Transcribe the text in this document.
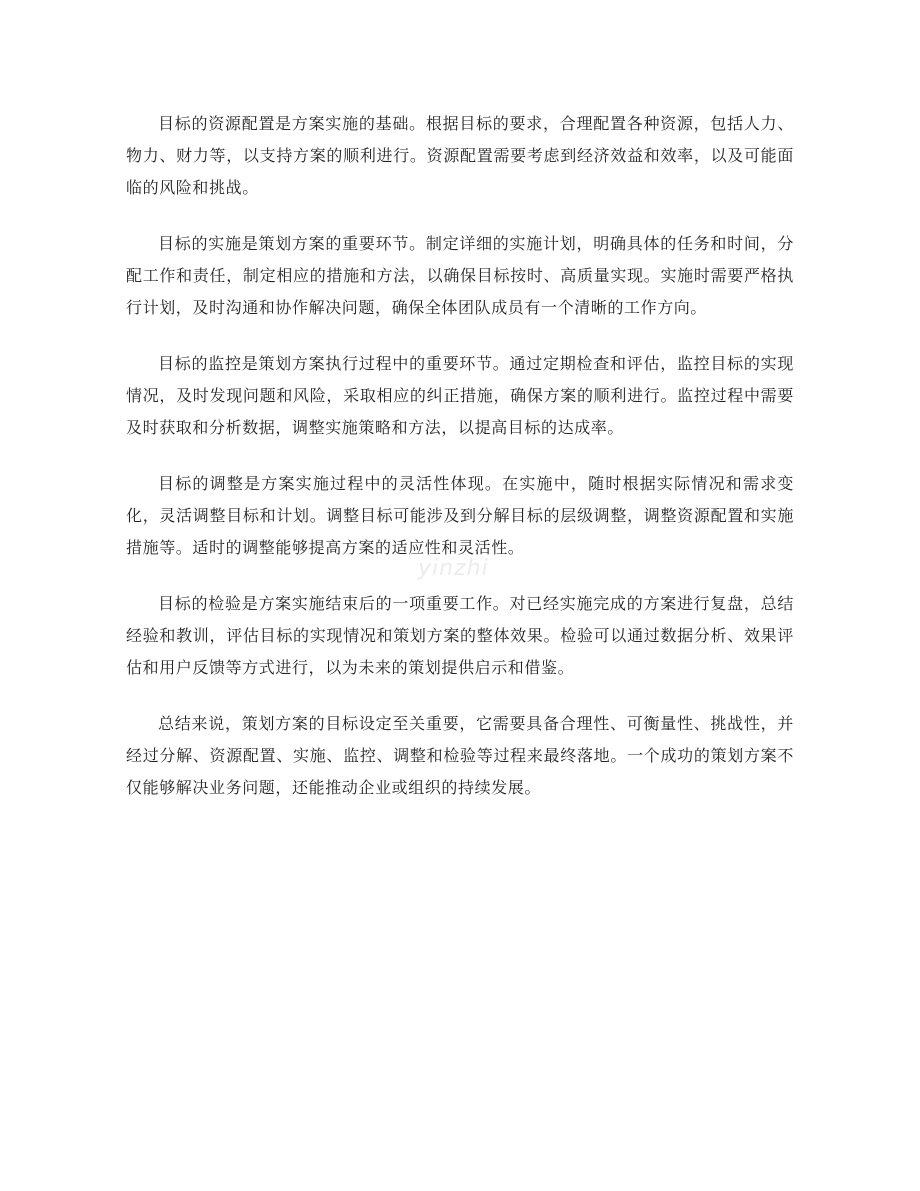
目标的资源配置是方案实施的基础。根据目标的要求，合理配置各种资源，包括人力、物力、财力等，以支持方案的顺利进行。资源配置需要考虑到经济效益和效率，以及可能面临的风险和挑战。

目标的实施是策划方案的重要环节。制定详细的实施计划，明确具体的任务和时间，分配工作和责任，制定相应的措施和方法，以确保目标按时、高质量实现。实施时需要严格执行计划，及时沟通和协作解决问题，确保全体团队成员有一个清晰的工作方向。

目标的监控是策划方案执行过程中的重要环节。通过定期检查和评估，监控目标的实现情况，及时发现问题和风险，采取相应的纠正措施，确保方案的顺利进行。监控过程中需要及时获取和分析数据，调整实施策略和方法，以提高目标的达成率。

目标的调整是方案实施过程中的灵活性体现。在实施中，随时根据实际情况和需求变化，灵活调整目标和计划。调整目标可能涉及到分解目标的层级调整，调整资源配置和实施措施等。适时的调整能够提高方案的适应性和灵活性。

目标的检验是方案实施结束后的一项重要工作。对已经实施完成的方案进行复盘，总结经验和教训，评估目标的实现情况和策划方案的整体效果。检验可以通过数据分析、效果评估和用户反馈等方式进行，以为未来的策划提供启示和借鉴。

总结来说，策划方案的目标设定至关重要，它需要具备合理性、可衡量性、挑战性，并经过分解、资源配置、实施、监控、调整和检验等过程来最终落地。一个成功的策划方案不仅能够解决业务问题，还能推动企业或组织的持续发展。

yinzhi
